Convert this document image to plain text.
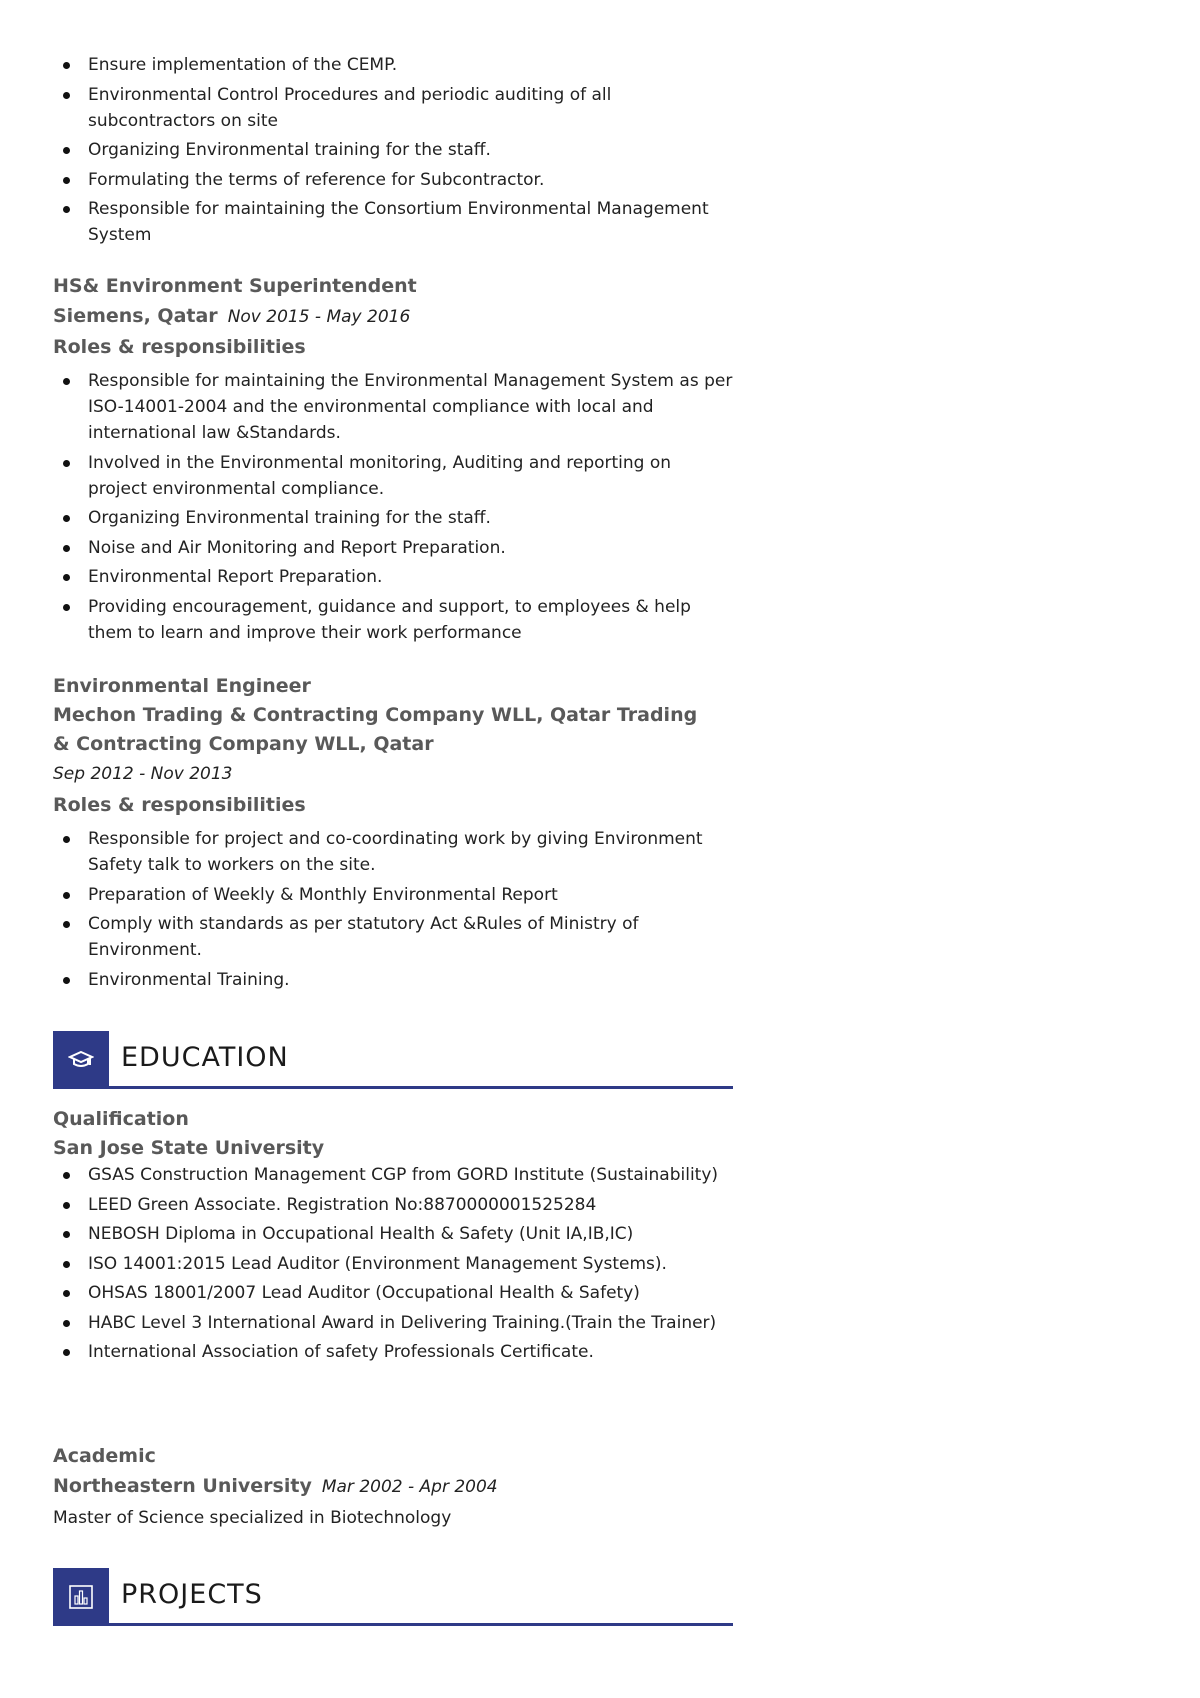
Ensure implementation of the CEMP.
Environmental Control Procedures and periodic auditing of all subcontractors on site
Organizing Environmental training for the staff.
Formulating the terms of reference for Subcontractor.
Responsible for maintaining the Consortium Environmental Management System
HS& Environment Superintendent
Siemens, Qatar Nov 2015 - May 2016
Roles & responsibilities
Responsible for maintaining the Environmental Management System as per ISO-14001-2004 and the environmental compliance with local and international law &Standards.
Involved in the Environmental monitoring, Auditing and reporting on project environmental compliance.
Organizing Environmental training for the staff.
Noise and Air Monitoring and Report Preparation.
Environmental Report Preparation.
Providing encouragement, guidance and support, to employees & help them to learn and improve their work performance
Environmental Engineer
Mechon Trading & Contracting Company WLL, Qatar Trading & Contracting Company WLL, Qatar
Sep 2012 - Nov 2013
Roles & responsibilities
Responsible for project and co-coordinating work by giving Environment Safety talk to workers on the site.
Preparation of Weekly & Monthly Environmental Report
Comply with standards as per statutory Act &Rules of Ministry of Environment.
Environmental Training.
EDUCATION
Qualification
San Jose State University
GSAS Construction Management CGP from GORD Institute (Sustainability)
LEED Green Associate. Registration No:8870000001525284
NEBOSH Diploma in Occupational Health & Safety (Unit IA,IB,IC)
ISO 14001:2015 Lead Auditor (Environment Management Systems).
OHSAS 18001/2007 Lead Auditor (Occupational Health & Safety)
HABC Level 3 International Award in Delivering Training.(Train the Trainer)
International Association of safety Professionals Certificate.
Academic
Northeastern University Mar 2002 - Apr 2004
Master of Science specialized in Biotechnology
PROJECTS
